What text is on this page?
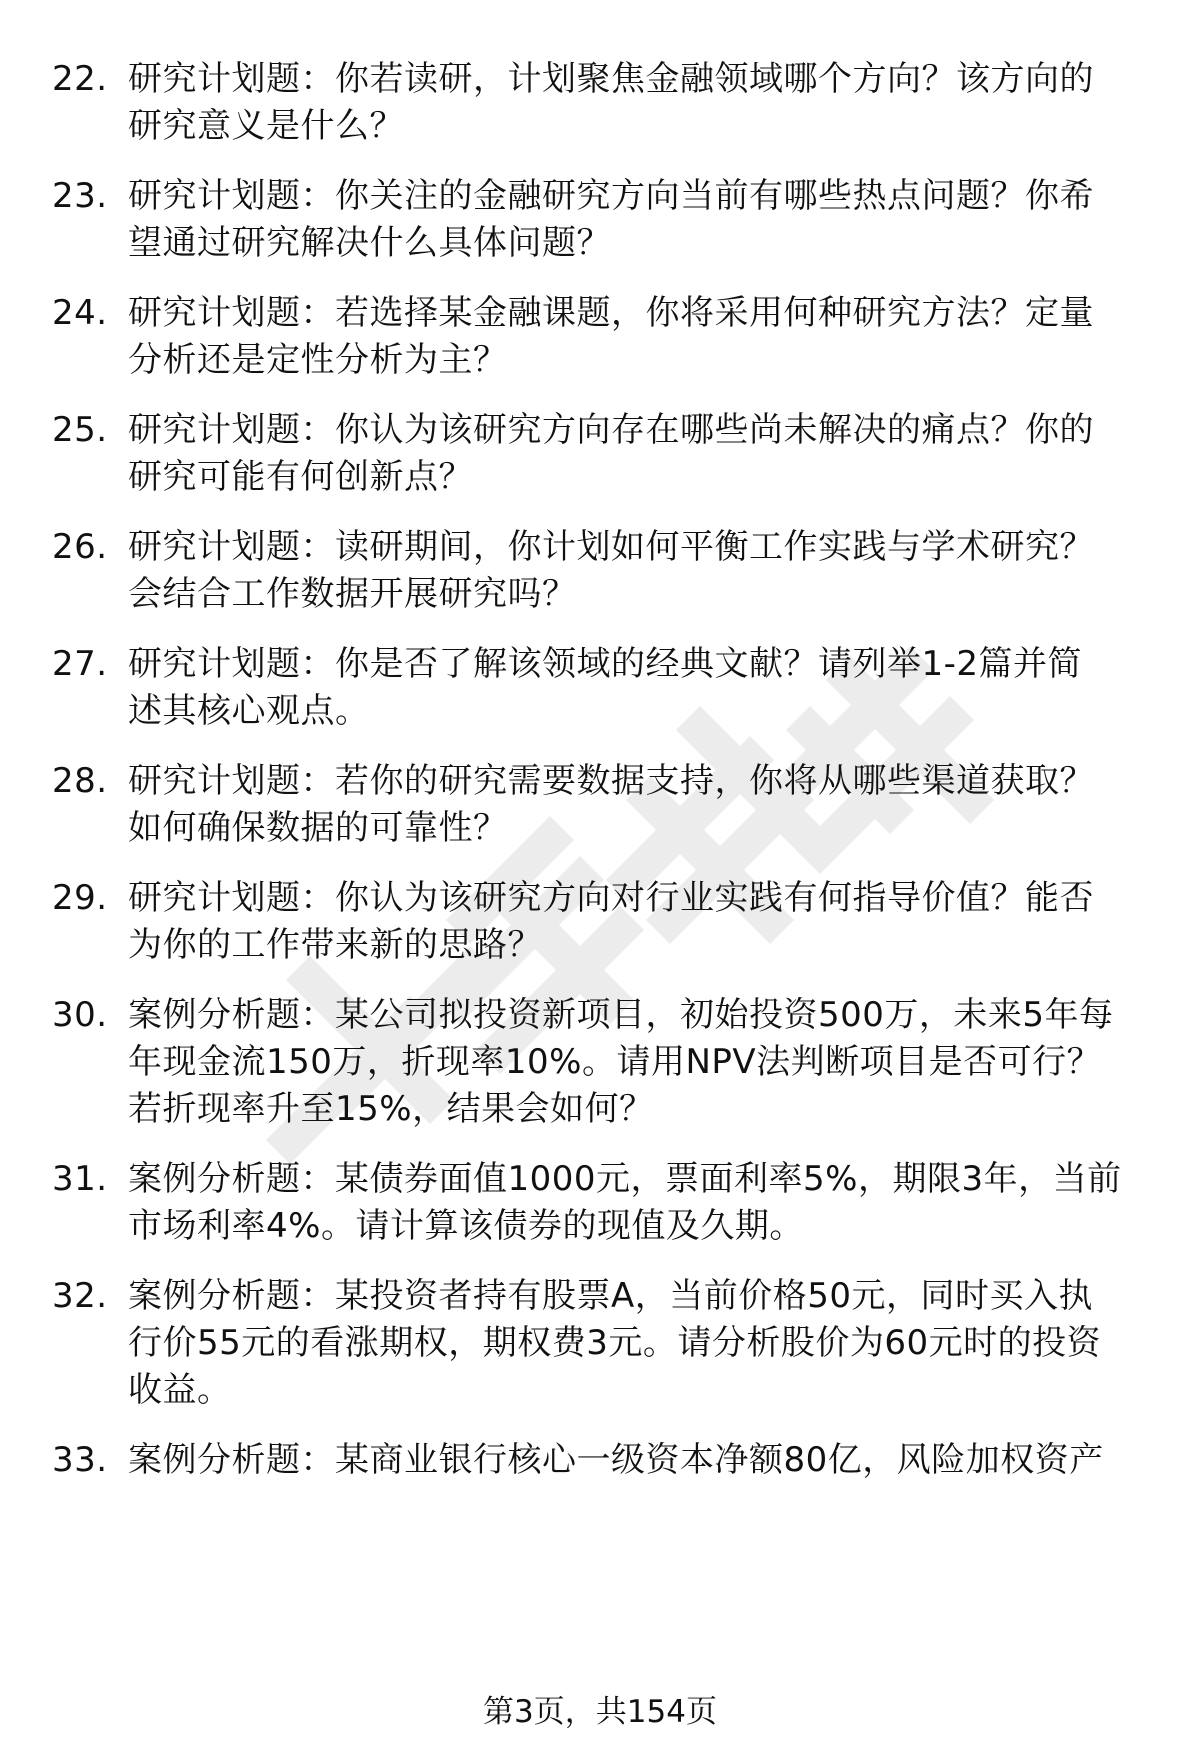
22. 研究计划题：你若读研，计划聚焦金融领域哪个方向？该方向的
研究意义是什么？
23. 研究计划题：你关注的金融研究方向当前有哪些热点问题？你希
望通过研究解决什么具体问题？
24. 研究计划题：若选择某金融课题，你将采用何种研究方法？定量
分析还是定性分析为主？
25. 研究计划题：你认为该研究方向存在哪些尚未解决的痛点？你的
研究可能有何创新点？
26. 研究计划题：读研期间，你计划如何平衡工作实践与学术研究？
会结合工作数据开展研究吗？
27. 研究计划题：你是否了解该领域的经典文献？请列举1-2篇并简
述其核心观点。
28. 研究计划题：若你的研究需要数据支持，你将从哪些渠道获取？
如何确保数据的可靠性？
29. 研究计划题：你认为该研究方向对行业实践有何指导价值？能否
为你的工作带来新的思路？
30. 案例分析题：某公司拟投资新项目，初始投资500万，未来5年每
年现金流150万，折现率10%。请用NPV法判断项目是否可行？
若折现率升至15%，结果会如何？
31. 案例分析题：某债券面值1000元，票面利率5%，期限3年，当前
市场利率4%。请计算该债券的现值及久期。
32. 案例分析题：某投资者持有股票A，当前价格50元，同时买入执
行价55元的看涨期权，期权费3元。请分析股价为60元时的投资
收益。
33. 案例分析题：某商业银行核心一级资本净额80亿，风险加权资产
第3页，共154页
